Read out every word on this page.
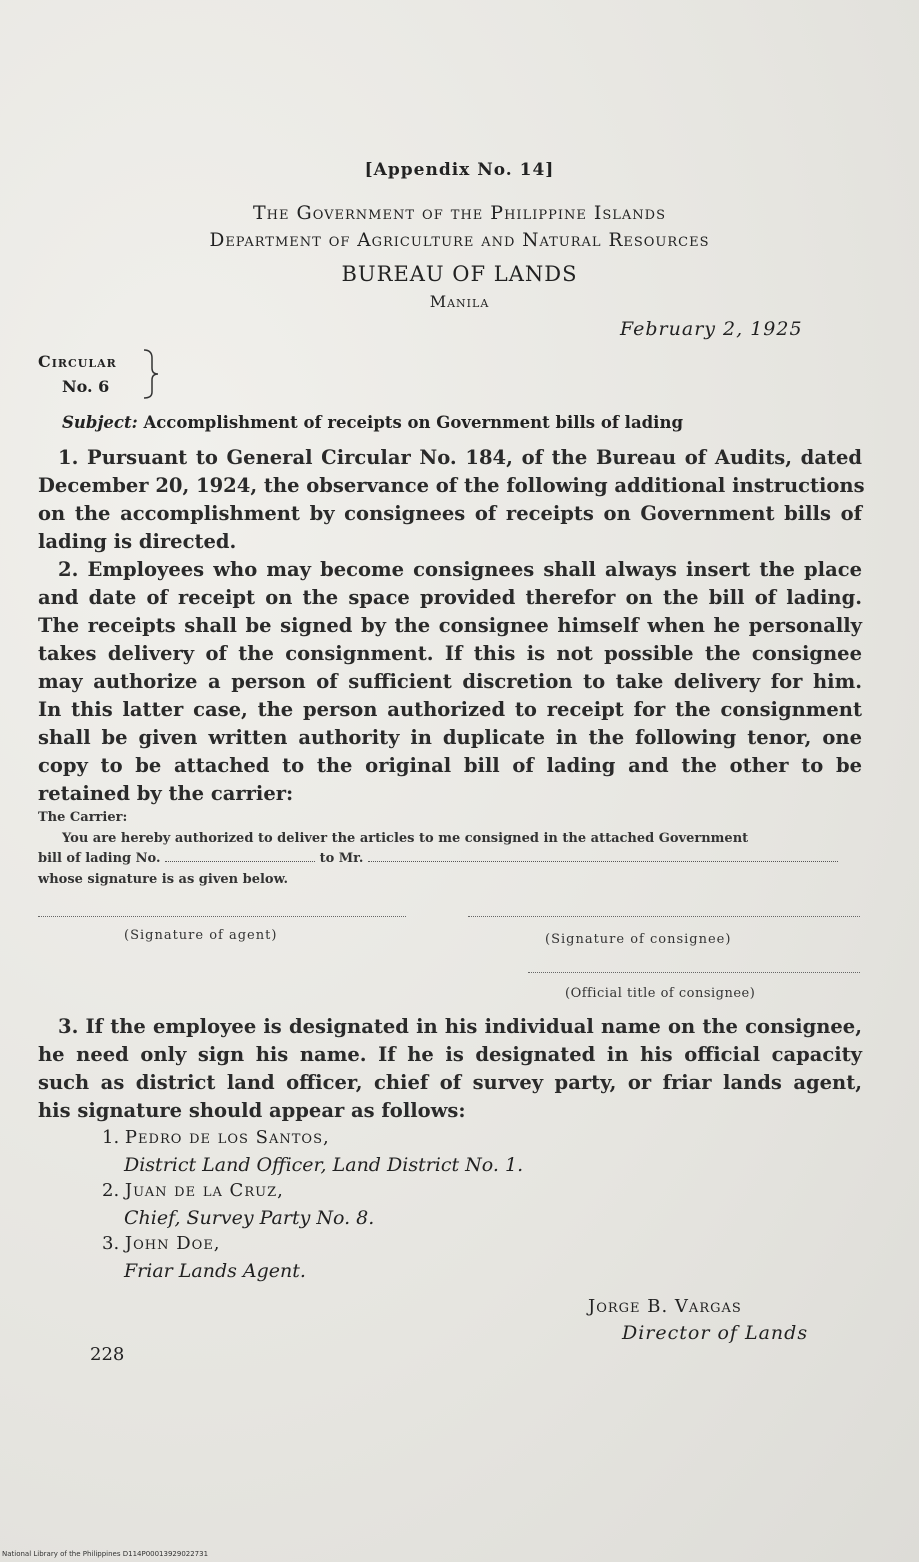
[Appendix No. 14]
The Government of the Philippine Islands
Department of Agriculture and Natural Resources
BUREAU OF LANDS
Manila
February 2, 1925
Circular
No. 6
Subject: Accomplishment of receipts on Government bills of lading
1. Pursuant to General Circular No. 184, of the Bureau of Audits, dated
December 20, 1924, the observance of the following additional instructions
on the accomplishment by consignees of receipts on Government bills of
lading is directed.
2. Employees who may become consignees shall always insert the place
and date of receipt on the space provided therefor on the bill of lading.
The receipts shall be signed by the consignee himself when he personally
takes delivery of the consignment. If this is not possible the consignee
may authorize a person of sufficient discretion to take delivery for him.
In this latter case, the person authorized to receipt for the consignment
shall be given written authority in duplicate in the following tenor, one
copy to be attached to the original bill of lading and the other to be
retained by the carrier:
The Carrier:
You are hereby authorized to deliver the articles to me consigned in the attached Government
bill of lading No.	to Mr.
whose signature is as given below.
(Signature of agent)	(Signature of consignee)
(Official title of consignee)
3. If the employee is designated in his individual name on the consignee,
he need only sign his name. If he is designated in his official capacity
such as district land officer, chief of survey party, or friar lands agent,
his signature should appear as follows:
1. Pedro de los Santos,
District Land Officer, Land District No. 1.
2. Juan de la Cruz,
Chief, Survey Party No. 8.
3. John Doe,
Friar Lands Agent.
Jorge B. Vargas
Director of Lands
228
National Library of the Philippines D114P00013929022731
